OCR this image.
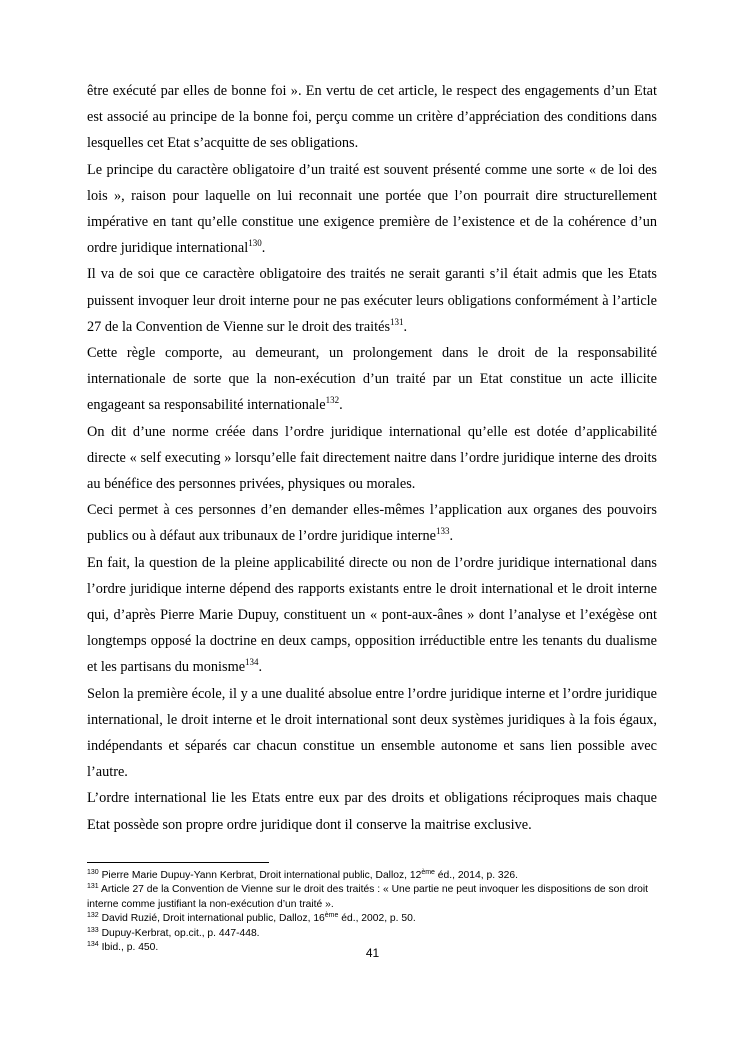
être exécuté par elles de bonne foi ». En vertu de cet article, le respect des engagements d’un Etat est associé au principe de la bonne foi, perçu comme un critère d’appréciation des conditions dans lesquelles cet Etat s’acquitte de ses obligations.

Le principe du caractère obligatoire d’un traité est souvent présenté comme une sorte « de loi des lois », raison pour laquelle on lui reconnait une portée que l’on pourrait dire structurellement impérative en tant qu’elle constitue une exigence première de l’existence et de la cohérence d’un ordre juridique international$^{130}$.

Il va de soi que ce caractère obligatoire des traités ne serait garanti s’il était admis que les Etats puissent invoquer leur droit interne pour ne pas exécuter leurs obligations conformément à l’article 27 de la Convention de Vienne sur le droit des traités$^{131}$.

Cette règle comporte, au demeurant, un prolongement dans le droit de la responsabilité internationale de sorte que la non-exécution d’un traité par un Etat constitue un acte illicite engageant sa responsabilité internationale$^{132}$.

On dit d’une norme créée dans l’ordre juridique international qu’elle est dotée d’applicabilité directe « self executing » lorsqu’elle fait directement naitre dans l’ordre juridique interne des droits au bénéfice des personnes privées, physiques ou morales.

Ceci permet à ces personnes d’en demander elles-mêmes l’application aux organes des pouvoirs publics ou à défaut aux tribunaux de l’ordre juridique interne$^{133}$.

En fait, la question de la pleine applicabilité directe ou non de l’ordre juridique international dans l’ordre juridique interne dépend des rapports existants entre le droit international et le droit interne qui, d’après Pierre Marie Dupuy, constituent un « pont-aux-ânes » dont l’analyse et l’exégèse ont longtemps opposé la doctrine en deux camps, opposition irréductible entre les tenants du dualisme et les partisans du monisme$^{134}$.

Selon la première école, il y a une dualité absolue entre l’ordre juridique interne et l’ordre juridique international, le droit interne et le droit international sont deux systèmes juridiques à la fois égaux, indépendants et séparés car chacun constitue un ensemble autonome et sans lien possible avec l’autre.

L’ordre international lie les Etats entre eux par des droits et obligations réciproques mais chaque Etat possède son propre ordre juridique dont il conserve la maitrise exclusive.

$^{130}$ Pierre Marie Dupuy-Yann Kerbrat, Droit international public, Dalloz, 12ème éd., 2014, p. 326.

$^{131}$ Article 27 de la Convention de Vienne sur le droit des traités : « Une partie ne peut invoquer les dispositions de son droit interne comme justifiant la non-exécution d’un traité ».

$^{132}$ David Ruzié, Droit international public, Dalloz, 16ème éd., 2002, p. 50.

$^{133}$ Dupuy-Kerbrat, op.cit., p. 447-448.

$^{134}$ Ibid., p. 450.	41
